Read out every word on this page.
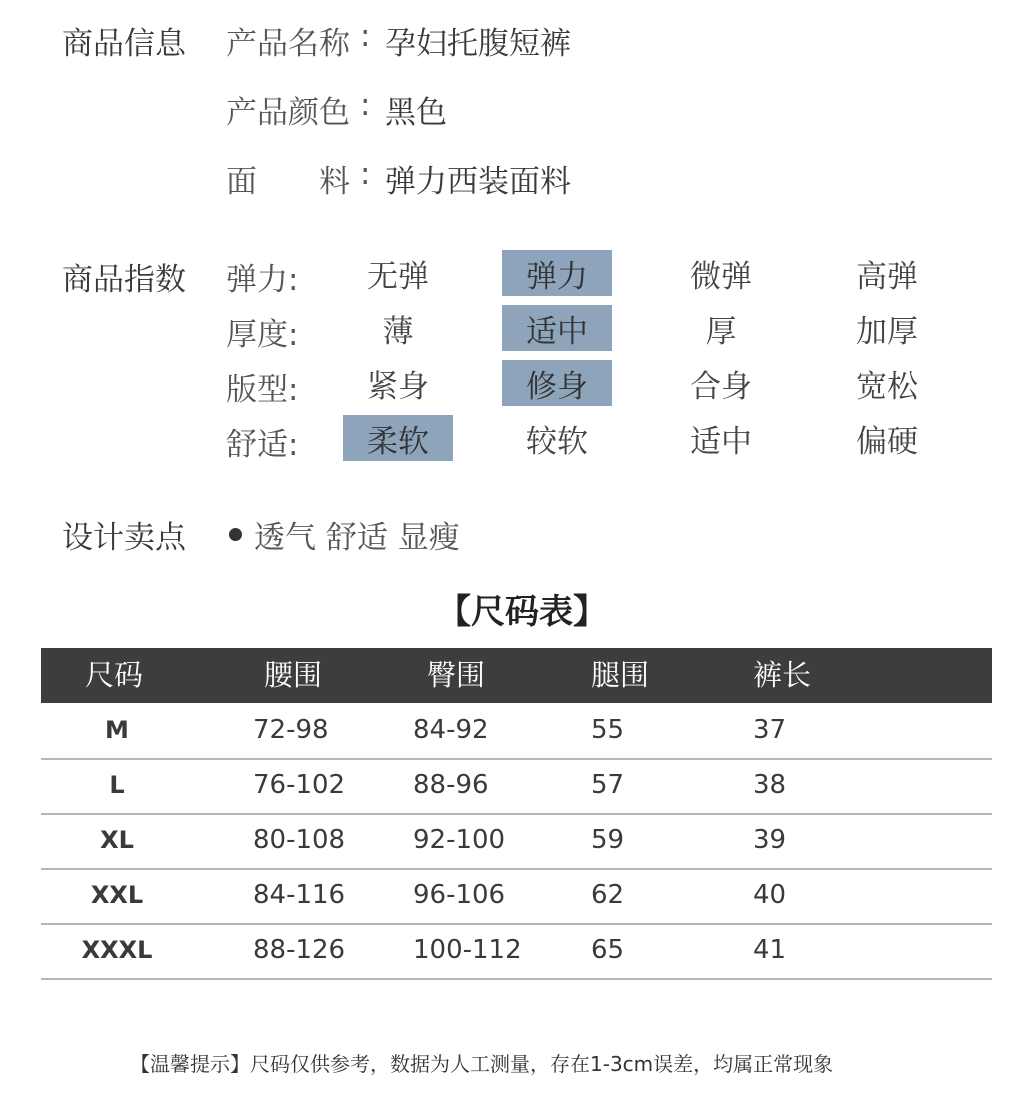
商品信息 产品名称 : 孕妇托腹短裤
产品颜色 : 黑色
面　　料 : 弹力西装面料
商品指数 弹力:	无弹	弹力	微弹	高弹
厚度:	薄	适中	厚	加厚
版型:	紧身	修身	合身	宽松
舒适:	柔软	较软	适中	偏硬
设计卖点 透气 舒适 显瘦
【尺码表】
尺码	腰围	臀围	腿围	裤长
M	72-98	84-92	55	37
L	76-102	88-96	57	38
XL	80-108	92-100	59	39
XXL	84-116	96-106	62	40
XXXL	88-126	100-112	65	41
【温馨提示】尺码仅供参考，数据为人工测量，存在1-3cm误差，均属正常现象
